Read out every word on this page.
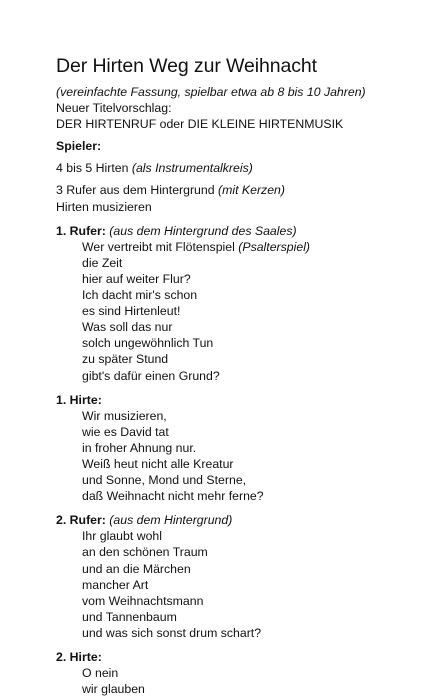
Der Hirten Weg zur Weihnacht
(vereinfachte Fassung, spielbar etwa ab 8 bis 10 Jahren)
Neuer Titelvorschlag:
DER HIRTENRUF oder DIE KLEINE HIRTENMUSIK
Spieler:
4 bis 5 Hirten (als Instrumentalkreis)
3 Rufer aus dem Hintergrund (mit Kerzen)
Hirten musizieren
1. Rufer: (aus dem Hintergrund des Saales)
Wer vertreibt mit Flötenspiel (Psalterspiel)
die Zeit
hier auf weiter Flur?
Ich dacht mir's schon
es sind Hirtenleut!
Was soll das nur
solch ungewöhnlich Tun
zu später Stund
gibt's dafür einen Grund?
1. Hirte:
Wir musizieren,
wie es David tat
in froher Ahnung nur.
Weiß heut nicht alle Kreatur
und Sonne, Mond und Sterne,
daß Weihnacht nicht mehr ferne?
2. Rufer: (aus dem Hintergrund)
Ihr glaubt wohl
an den schönen Traum
und an die Märchen
mancher Art
vom Weihnachtsmann
und Tannenbaum
und was sich sonst drum schart?
2. Hirte:
O nein
wir glauben
